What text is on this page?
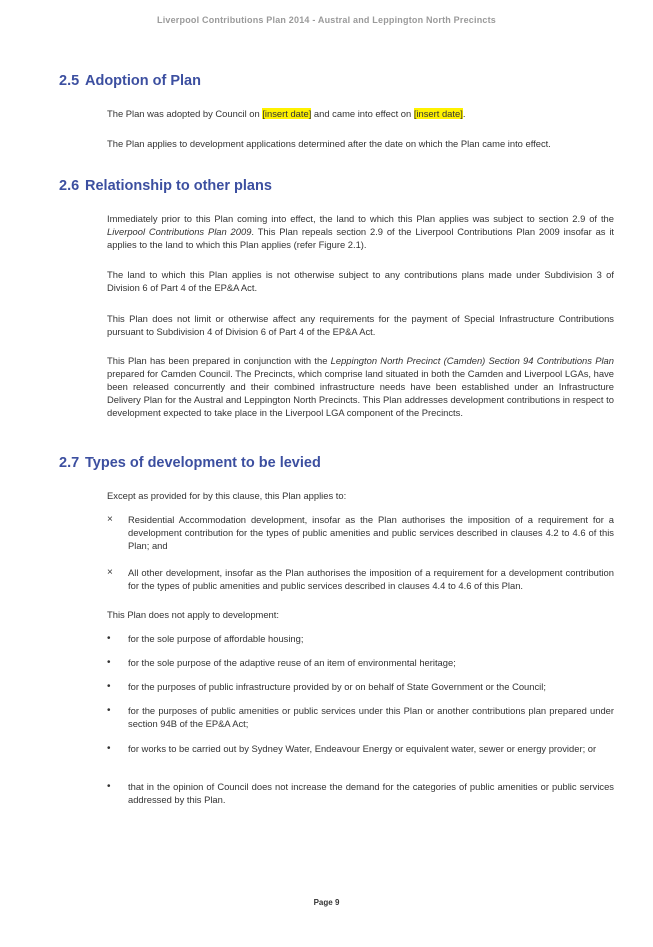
Liverpool Contributions Plan 2014 - Austral and Leppington North Precincts
2.5 Adoption of Plan

The Plan was adopted by Council on [insert date] and came into effect on [insert date].

The Plan applies to development applications determined after the date on which the Plan came into effect.

2.6 Relationship to other plans

Immediately prior to this Plan coming into effect, the land to which this Plan applies was subject to section 2.9 of the Liverpool Contributions Plan 2009. This Plan repeals section 2.9 of the Liverpool Contributions Plan 2009 insofar as it applies to the land to which this Plan applies (refer Figure 2.1).

The land to which this Plan applies is not otherwise subject to any contributions plans made under Subdivision 3 of Division 6 of Part 4 of the EP&A Act.

This Plan does not limit or otherwise affect any requirements for the payment of Special Infrastructure Contributions pursuant to Subdivision 4 of Division 6 of Part 4 of the EP&A Act.

This Plan has been prepared in conjunction with the Leppington North Precinct (Camden) Section 94 Contributions Plan prepared for Camden Council. The Precincts, which comprise land situated in both the Camden and Liverpool LGAs, have been released concurrently and their combined infrastructure needs have been established under an Infrastructure Delivery Plan for the Austral and Leppington North Precincts. This Plan addresses development contributions in respect to development expected to take place in the Liverpool LGA component of the Precincts.

2.7 Types of development to be levied

Except as provided for by this clause, this Plan applies to:

×	Residential Accommodation development, insofar as the Plan authorises the imposition of a requirement for a development contribution for the types of public amenities and public services described in clauses 4.2 to 4.6 of this Plan; and
×	All other development, insofar as the Plan authorises the imposition of a requirement for a development contribution for the types of public amenities and public services described in clauses 4.4 to 4.6 of this Plan.

This Plan does not apply to development:

•	for the sole purpose of affordable housing;
•	for the sole purpose of the adaptive reuse of an item of environmental heritage;
•	for the purposes of public infrastructure provided by or on behalf of State Government or the Council;
•	for the purposes of public amenities or public services under this Plan or another contributions plan prepared under section 94B of the EP&A Act;
•	for works to be carried out by Sydney Water, Endeavour Energy or equivalent water, sewer or energy provider; or
•	that in the opinion of Council does not increase the demand for the categories of public amenities or public services addressed by this Plan.
Page 9
